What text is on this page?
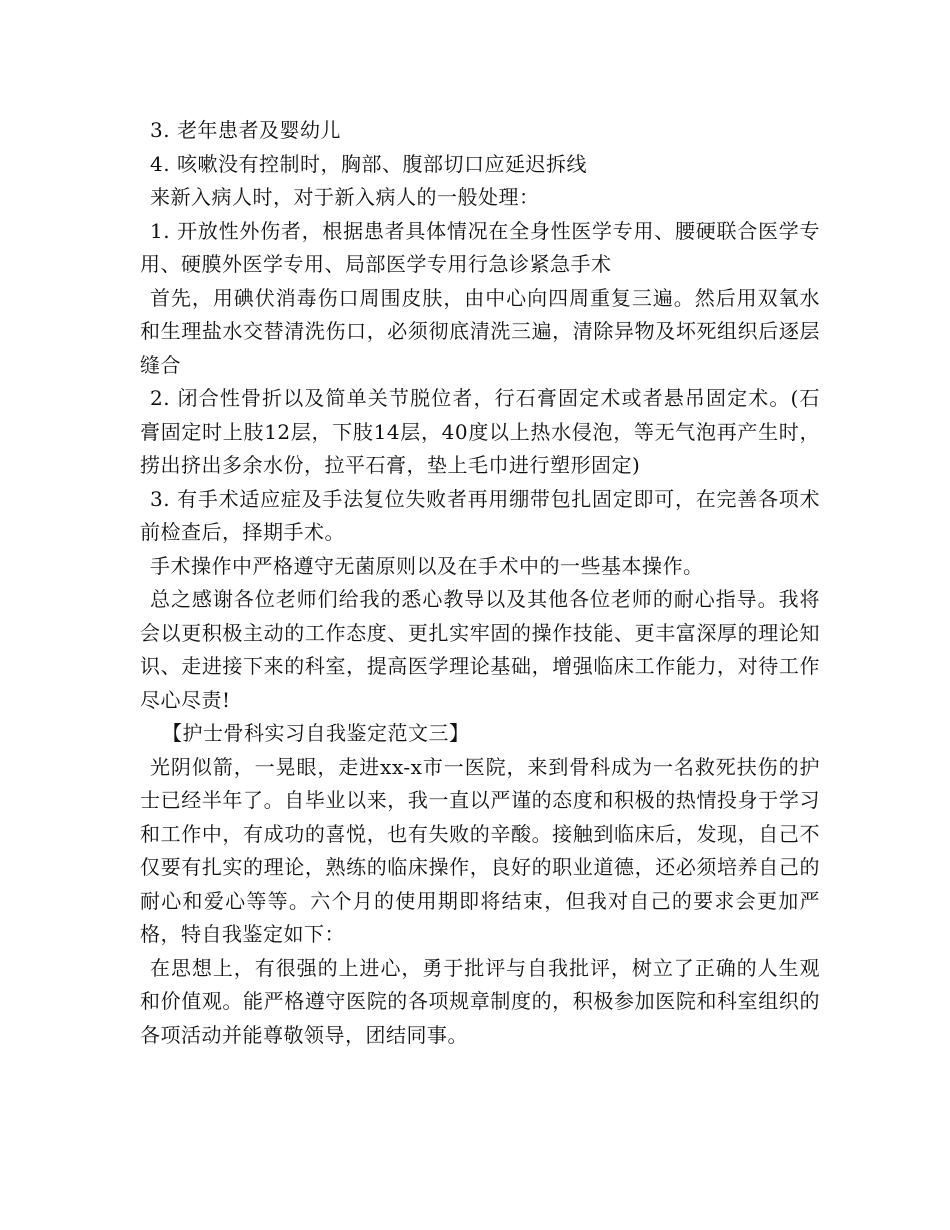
3. 老年患者及婴幼儿

4. 咳嗽没有控制时，胸部、腹部切口应延迟拆线

来新入病人时，对于新入病人的一般处理：

1. 开放性外伤者，根据患者具体情况在全身性医学专用、腰硬联合医学专用、硬膜外医学专用、局部医学专用行急诊紧急手术

首先，用碘伏消毒伤口周围皮肤，由中心向四周重复三遍。然后用双氧水和生理盐水交替清洗伤口，必须彻底清洗三遍，清除异物及坏死组织后逐层缝合

2. 闭合性骨折以及简单关节脱位者，行石膏固定术或者悬吊固定术。(石膏固定时上肢12层，下肢14层，40度以上热水侵泡，等无气泡再产生时，捞出挤出多余水份，拉平石膏，垫上毛巾进行塑形固定)

3. 有手术适应症及手法复位失败者再用绷带包扎固定即可，在完善各项术前检查后，择期手术。

手术操作中严格遵守无菌原则以及在手术中的一些基本操作。

总之感谢各位老师们给我的悉心教导以及其他各位老师的耐心指导。我将会以更积极主动的工作态度、更扎实牢固的操作技能、更丰富深厚的理论知识、走进接下来的科室，提高医学理论基础，增强临床工作能力，对待工作尽心尽责!

【护士骨科实习自我鉴定范文三】

光阴似箭，一晃眼，走进xx-x市一医院，来到骨科成为一名救死扶伤的护士已经半年了。自毕业以来，我一直以严谨的态度和积极的热情投身于学习和工作中，有成功的喜悦，也有失败的辛酸。接触到临床后，发现，自己不仅要有扎实的理论，熟练的临床操作，良好的职业道德，还必须培养自己的耐心和爱心等等。六个月的使用期即将结束，但我对自己的要求会更加严格，特自我鉴定如下：

在思想上，有很强的上进心，勇于批评与自我批评，树立了正确的人生观和价值观。能严格遵守医院的各项规章制度的，积极参加医院和科室组织的各项活动并能尊敬领导，团结同事。
